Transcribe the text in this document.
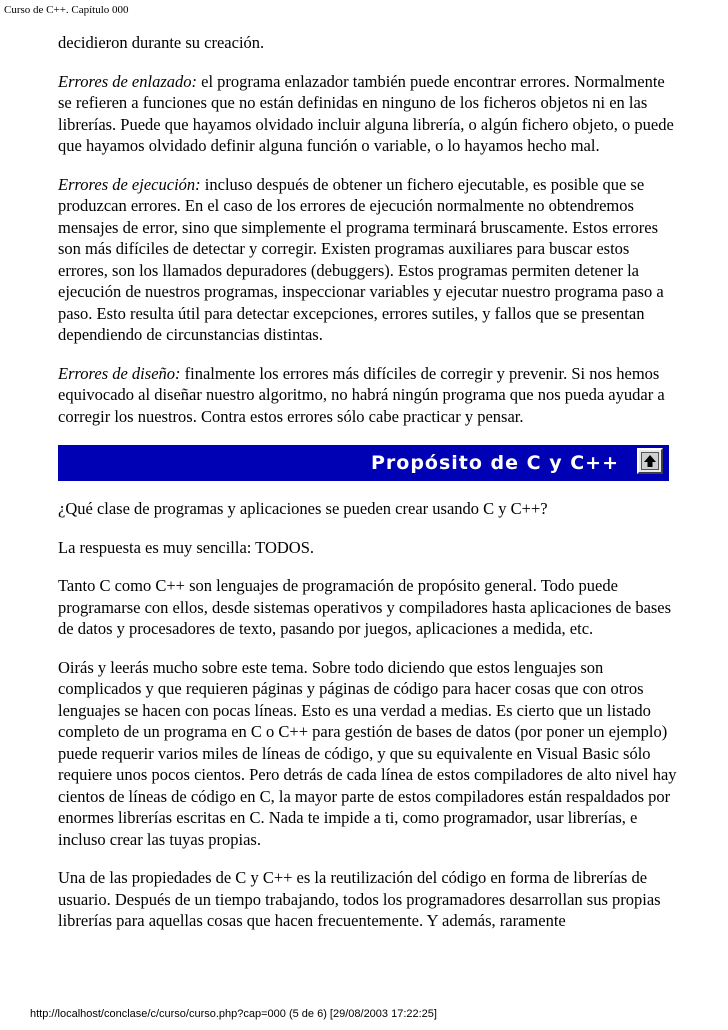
Curso de C++. Capítulo 000

decidieron durante su creación.

Errores de enlazado: el programa enlazador también puede encontrar errores. Normalmente se refieren a funciones que no están definidas en ninguno de los ficheros objetos ni en las librerías. Puede que hayamos olvidado incluir alguna librería, o algún fichero objeto, o puede que hayamos olvidado definir alguna función o variable, o lo hayamos hecho mal.

Errores de ejecución: incluso después de obtener un fichero ejecutable, es posible que se produzcan errores. En el caso de los errores de ejecución normalmente no obtendremos mensajes de error, sino que simplemente el programa terminará bruscamente. Estos errores son más difíciles de detectar y corregir. Existen programas auxiliares para buscar estos errores, son los llamados depuradores (debuggers). Estos programas permiten detener la ejecución de nuestros programas, inspeccionar variables y ejecutar nuestro programa paso a paso. Esto resulta útil para detectar excepciones, errores sutiles, y fallos que se presentan dependiendo de circunstancias distintas.

Errores de diseño: finalmente los errores más difíciles de corregir y prevenir. Si nos hemos equivocado al diseñar nuestro algoritmo, no habrá ningún programa que nos pueda ayudar a corregir los nuestros. Contra estos errores sólo cabe practicar y pensar.

Propósito de C y C++

¿Qué clase de programas y aplicaciones se pueden crear usando C y C++?

La respuesta es muy sencilla: TODOS.

Tanto C como C++ son lenguajes de programación de propósito general. Todo puede programarse con ellos, desde sistemas operativos y compiladores hasta aplicaciones de bases de datos y procesadores de texto, pasando por juegos, aplicaciones a medida, etc.

Oirás y leerás mucho sobre este tema. Sobre todo diciendo que estos lenguajes son complicados y que requieren páginas y páginas de código para hacer cosas que con otros lenguajes se hacen con pocas líneas. Esto es una verdad a medias. Es cierto que un listado completo de un programa en C o C++ para gestión de bases de datos (por poner un ejemplo) puede requerir varios miles de líneas de código, y que su equivalente en Visual Basic sólo requiere unos pocos cientos. Pero detrás de cada línea de estos compiladores de alto nivel hay cientos de líneas de código en C, la mayor parte de estos compiladores están respaldados por enormes librerías escritas en C. Nada te impide a ti, como programador, usar librerías, e incluso crear las tuyas propias.

Una de las propiedades de C y C++ es la reutilización del código en forma de librerías de usuario. Después de un tiempo trabajando, todos los programadores desarrollan sus propias librerías para aquellas cosas que hacen frecuentemente. Y además, raramente

http://localhost/conclase/c/curso/curso.php?cap=000 (5 de 6) [29/08/2003 17:22:25]
